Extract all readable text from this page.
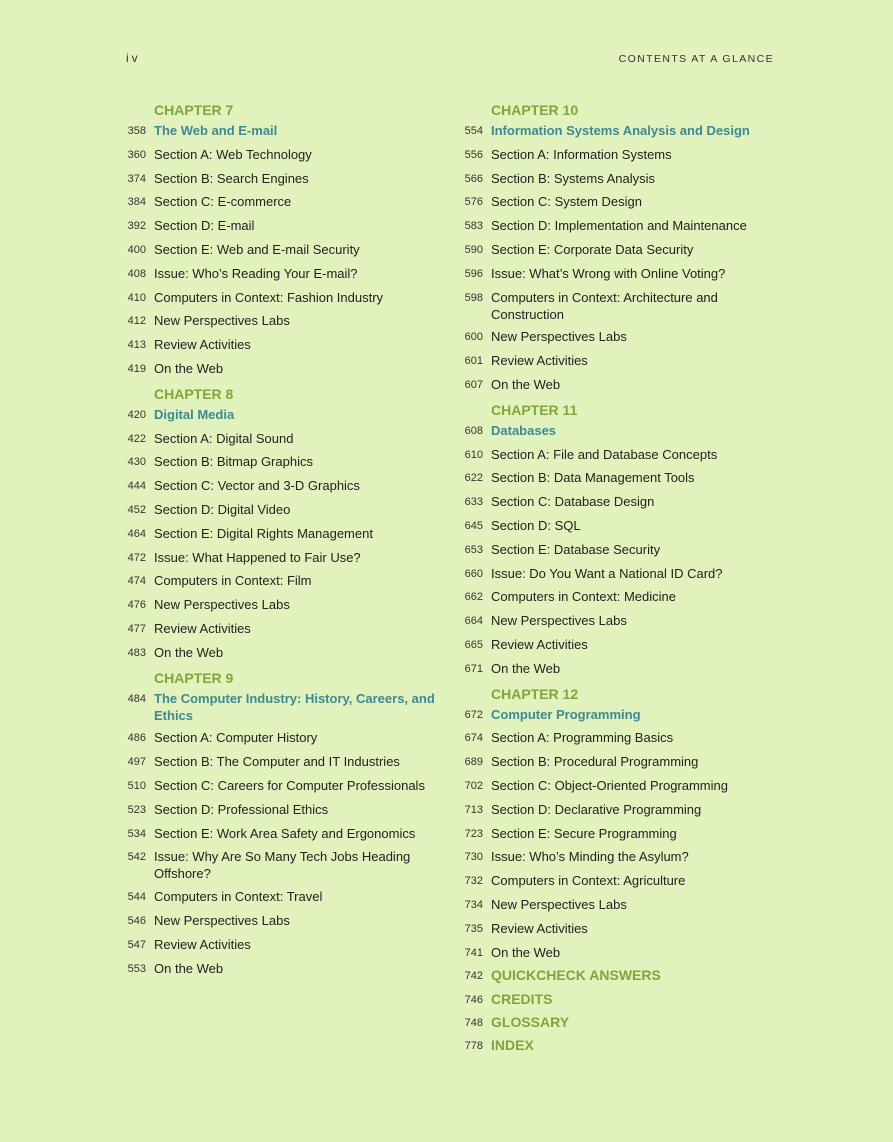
iv	CONTENTS AT A GLANCE
CHAPTER 7
358 The Web and E-mail
360 Section A: Web Technology
374 Section B: Search Engines
384 Section C: E-commerce
392 Section D: E-mail
400 Section E: Web and E-mail Security
408 Issue: Who’s Reading Your E-mail?
410 Computers in Context: Fashion Industry
412 New Perspectives Labs
413 Review Activities
419 On the Web
CHAPTER 8
420 Digital Media
422 Section A: Digital Sound
430 Section B: Bitmap Graphics
444 Section C: Vector and 3-D Graphics
452 Section D: Digital Video
464 Section E: Digital Rights Management
472 Issue: What Happened to Fair Use?
474 Computers in Context: Film
476 New Perspectives Labs
477 Review Activities
483 On the Web
CHAPTER 9
484 The Computer Industry: History, Careers, and Ethics
486 Section A: Computer History
497 Section B: The Computer and IT Industries
510 Section C: Careers for Computer Professionals
523 Section D: Professional Ethics
534 Section E: Work Area Safety and Ergonomics
542 Issue: Why Are So Many Tech Jobs Heading Offshore?
544 Computers in Context: Travel
546 New Perspectives Labs
547 Review Activities
553 On the Web
CHAPTER 10
554 Information Systems Analysis and Design
556 Section A: Information Systems
566 Section B: Systems Analysis
576 Section C: System Design
583 Section D: Implementation and Maintenance
590 Section E: Corporate Data Security
596 Issue: What’s Wrong with Online Voting?
598 Computers in Context: Architecture and Construction
600 New Perspectives Labs
601 Review Activities
607 On the Web
CHAPTER 11
608 Databases
610 Section A: File and Database Concepts
622 Section B: Data Management Tools
633 Section C: Database Design
645 Section D: SQL
653 Section E: Database Security
660 Issue: Do You Want a National ID Card?
662 Computers in Context: Medicine
664 New Perspectives Labs
665 Review Activities
671 On the Web
CHAPTER 12
672 Computer Programming
674 Section A: Programming Basics
689 Section B: Procedural Programming
702 Section C: Object-Oriented Programming
713 Section D: Declarative Programming
723 Section E: Secure Programming
730 Issue: Who’s Minding the Asylum?
732 Computers in Context: Agriculture
734 New Perspectives Labs
735 Review Activities
741 On the Web
742 QUICKCHECK ANSWERS
746 CREDITS
748 GLOSSARY
778 INDEX
